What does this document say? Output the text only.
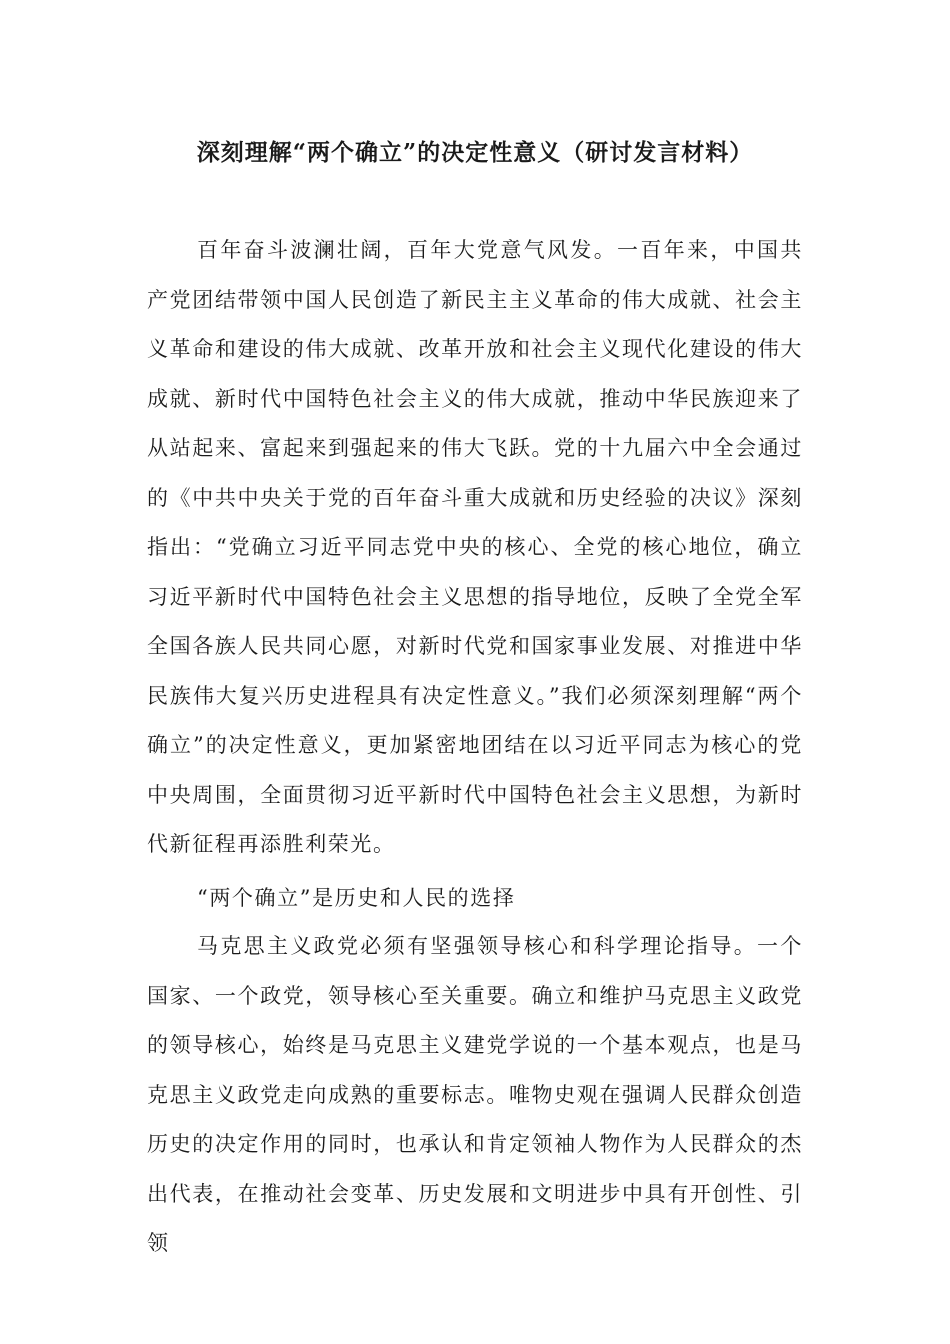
深刻理解“两个确立”的决定性意义（研讨发言材料）

百年奋斗波澜壮阔，百年大党意气风发。一百年来，中国共产党团结带领中国人民创造了新民主主义革命的伟大成就、社会主义革命和建设的伟大成就、改革开放和社会主义现代化建设的伟大成就、新时代中国特色社会主义的伟大成就，推动中华民族迎来了从站起来、富起来到强起来的伟大飞跃。党的十九届六中全会通过的《中共中央关于党的百年奋斗重大成就和历史经验的决议》深刻指出：“党确立习近平同志党中央的核心、全党的核心地位，确立习近平新时代中国特色社会主义思想的指导地位，反映了全党全军全国各族人民共同心愿，对新时代党和国家事业发展、对推进中华民族伟大复兴历史进程具有决定性意义。”我们必须深刻理解“两个确立”的决定性意义，更加紧密地团结在以习近平同志为核心的党中央周围，全面贯彻习近平新时代中国特色社会主义思想，为新时代新征程再添胜利荣光。

“两个确立”是历史和人民的选择

马克思主义政党必须有坚强领导核心和科学理论指导。一个国家、一个政党，领导核心至关重要。确立和维护马克思主义政党的领导核心，始终是马克思主义建党学说的一个基本观点，也是马克思主义政党走向成熟的重要标志。唯物史观在强调人民群众创造历史的决定作用的同时，也承认和肯定领袖人物作为人民群众的杰出代表，在推动社会变革、历史发展和文明进步中具有开创性、引领
